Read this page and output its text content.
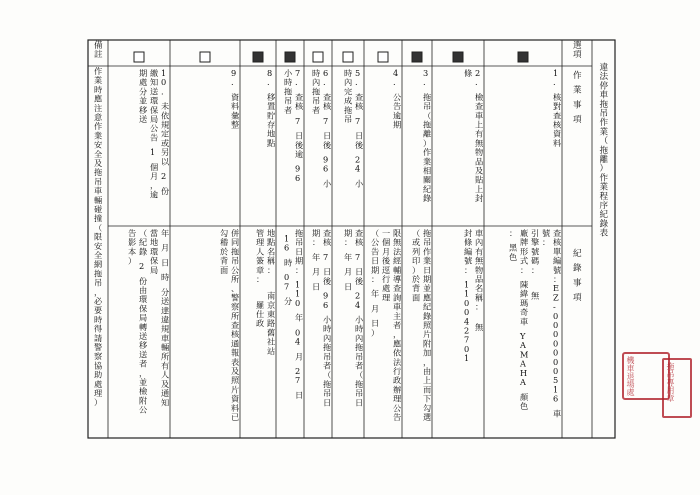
違法停車拖吊作業（拖離）作業程序紀錄表
選項
作　業　事　項
紀　錄　事　項
1 . 核對查核資料
查核單編號： E Z -0 0 0 0 0 0 0 5 1 6 車
號：
引擎號碼：　　　無
廠牌形式：　陳緯瑪奇車　 Y A M A H A　 顏色
：　黑色
2 . 檢查車上有無物品及貼上封
條
車內有無物品名稱：　　無
封條編號：　 1 1 0 0 4 2 7 0 1
3 . 拖吊（拖離）作業相關紀錄
拖吊作業日期並應紀錄照片附加，由上而下勾選
（或列印）於背面
4 . 公告逾期
限無法經輔導查詢車主者，應依法行政辦理公告
一個月後逕行處理
（公告日期：　年　月　日）
5 . 查核 7 日後 2 4 小
時內完成拖吊
查核 7 日後 2 4 小時內拖吊者（拖吊日
期：　年　月　日
6 . 查核 7 日後 9 6 小
時內拖吊者
查核 7 日後 9 6 小時內拖吊者（拖吊日
期：　年　月　日
7 . 查核 7 日後逾 9 6
小時拖吊者
拖吊日期：　 1 1 0　 年　 0 4　 月　 2 7　 日
　1 6　 時　 0 7　 分
8 . 移置貯存地點
地點名稱：　　　南京東路舊社站
管理人簽章：　　　羅仕政
9 . 資料彙整
併同拖吊公所、警察所查核通報表及照片資料已
勾稽於背面
1 0 . 未依規定或另以 2 份
繳知送環保局公告 1 個月，逾
期處分並移送
年　月　日　時　分送達違規車輛所有人及通知
當地環保局
（紀錄 2 份由環保局轉送移送者，並檢附公
告影本）
備註
作業時應注意作業安全及拖吊車輛碰撞（限安全網拖吊，必要時得請警察協助處理）
機車退場處	拖吊專用章
